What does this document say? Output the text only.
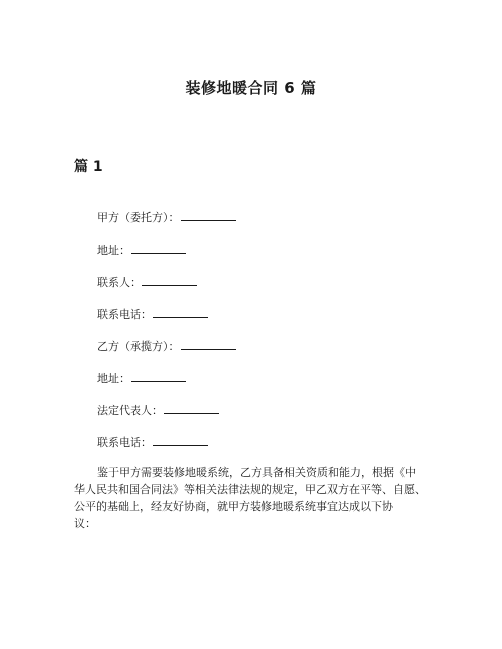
装修地暖合同 6 篇
篇 1
甲方（委托方）：
地址：
联系人：
联系电话：
乙方（承揽方）：
地址：
法定代表人：
联系电话：
鉴于甲方需要装修地暖系统，乙方具备相关资质和能力，根据《中
华人民共和国合同法》等相关法律法规的规定，甲乙双方在平等、自愿、
公平的基础上，经友好协商，就甲方装修地暖系统事宜达成以下协
议：
